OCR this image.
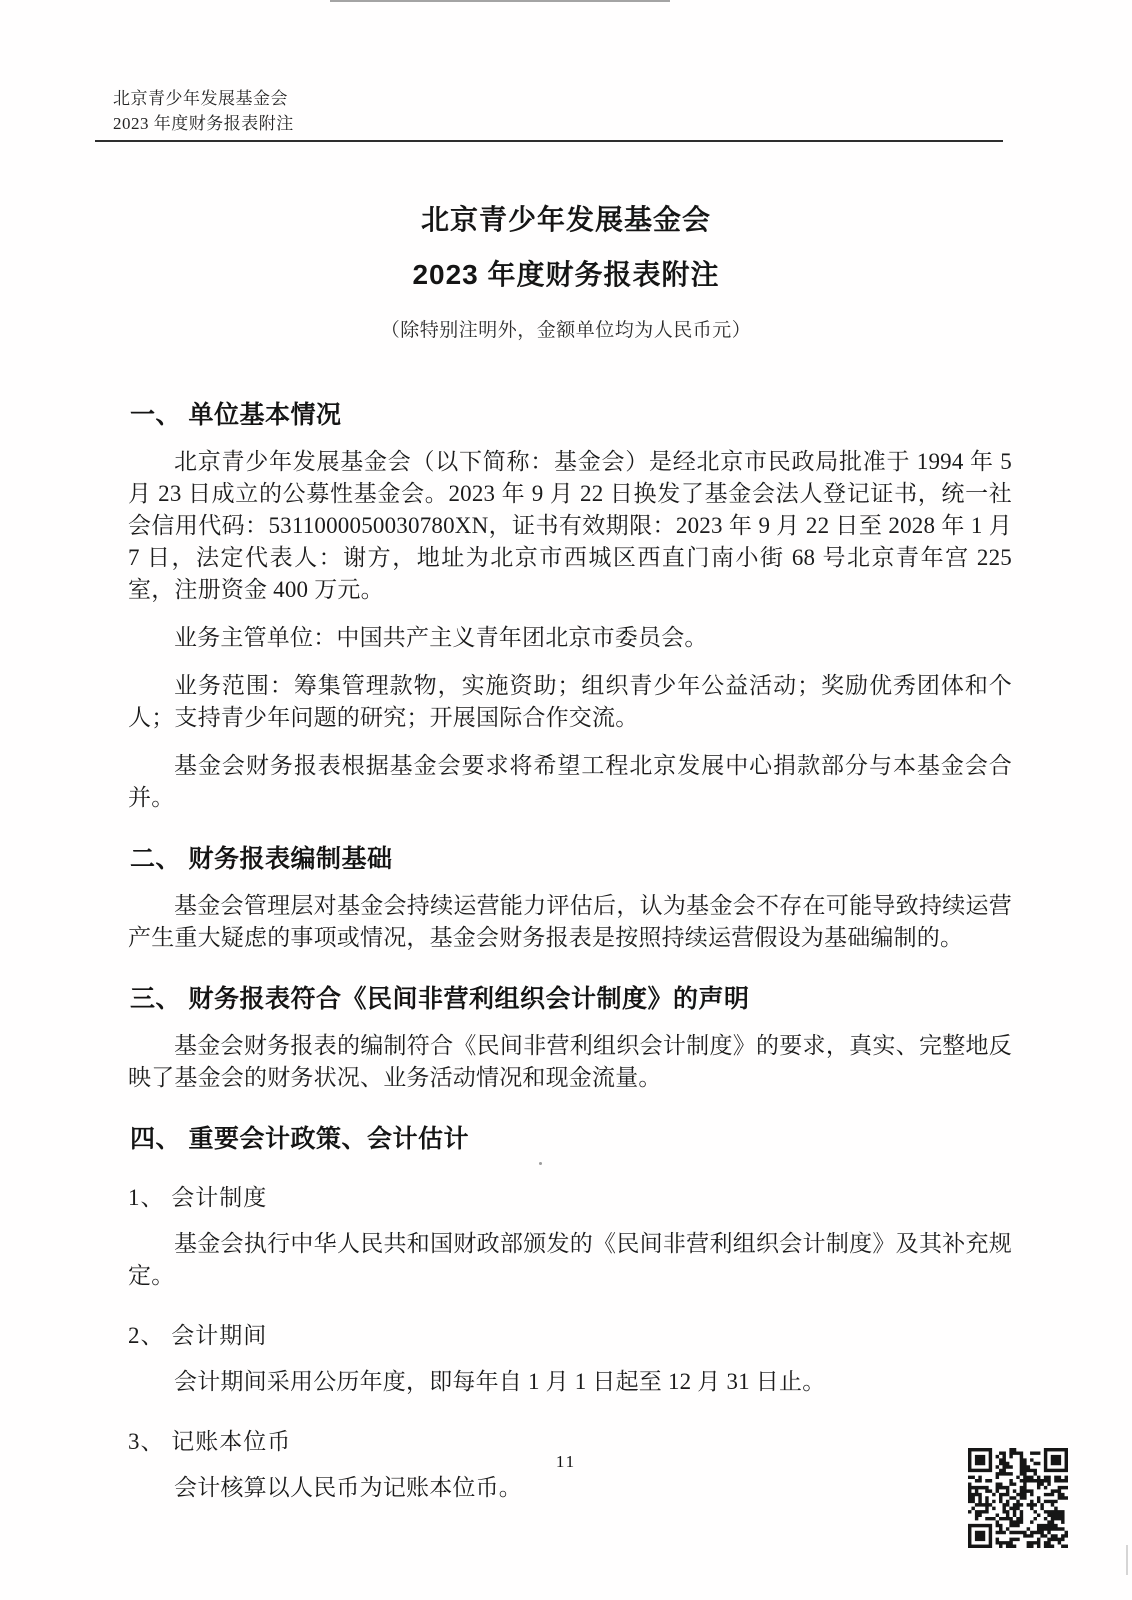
北京青少年发展基金会
2023 年度财务报表附注
北京青少年发展基金会
2023 年度财务报表附注
（除特别注明外，金额单位均为人民币元）
一、 单位基本情况

北京青少年发展基金会（以下简称：基金会）是经北京市民政局批准于 1994 年 5 月 23 日成立的公募性基金会。2023 年 9 月 22 日换发了基金会法人登记证书，统一社会信用代码：5311000050030780XN，证书有效期限：2023 年 9 月 22 日至 2028 年 1 月 7 日，法定代表人：谢方，地址为北京市西城区西直门南小街 68 号北京青年宫 225 室，注册资金 400 万元。

业务主管单位：中国共产主义青年团北京市委员会。

业务范围：筹集管理款物，实施资助；组织青少年公益活动；奖励优秀团体和个人；支持青少年问题的研究；开展国际合作交流。

基金会财务报表根据基金会要求将希望工程北京发展中心捐款部分与本基金会合并。

二、 财务报表编制基础

基金会管理层对基金会持续运营能力评估后，认为基金会不存在可能导致持续运营产生重大疑虑的事项或情况，基金会财务报表是按照持续运营假设为基础编制的。

三、 财务报表符合《民间非营利组织会计制度》的声明

基金会财务报表的编制符合《民间非营利组织会计制度》的要求，真实、完整地反映了基金会的财务状况、业务活动情况和现金流量。

四、 重要会计政策、会计估计
1、 会计制度

基金会执行中华人民共和国财政部颁发的《民间非营利组织会计制度》及其补充规定。

2、 会计期间

会计期间采用公历年度，即每年自 1 月 1 日起至 12 月 31 日止。

3、 记账本位币

会计核算以人民币为记账本位币。

11
